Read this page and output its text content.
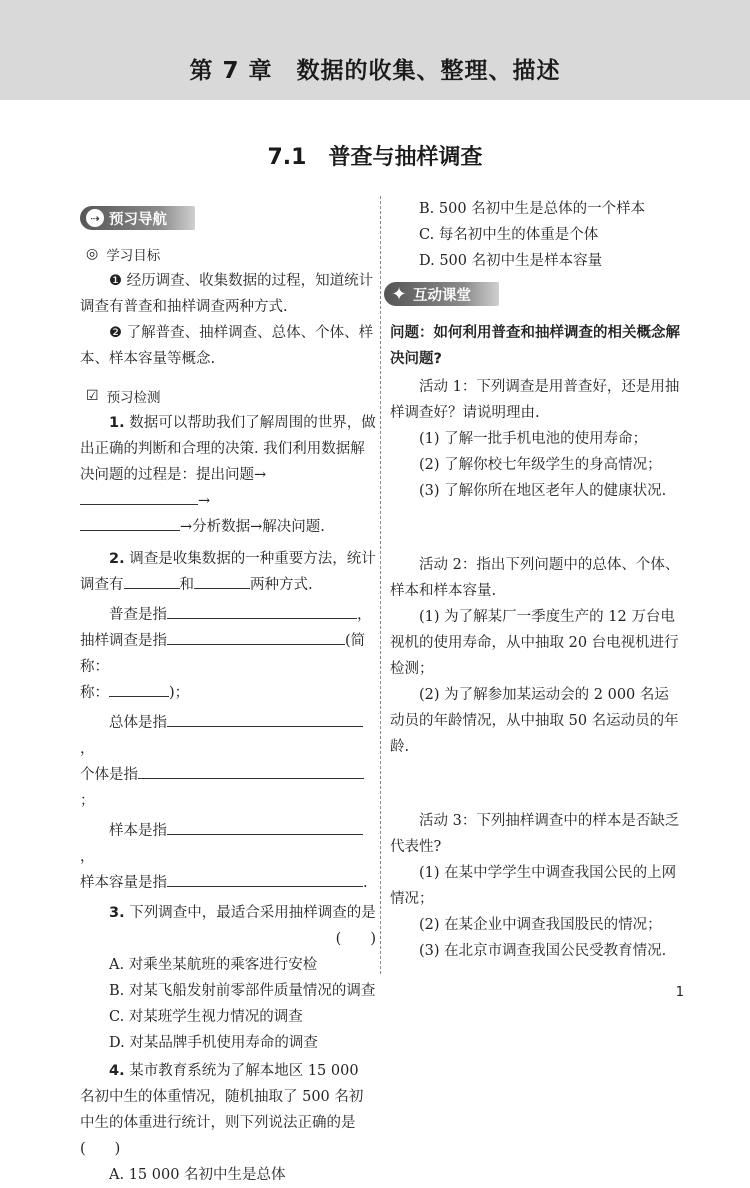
第 7 章　数据的收集、整理、描述
7.1　普查与抽样调查
⇢ 预习导航
◎ 学习目标

❶ 经历调查、收集数据的过程，知道统计调查有普查和抽样调查两种方式.

❷ 了解普查、抽样调查、总体、个体、样本、样本容量等概念.

☑ 预习检测

1. 数据可以帮助我们了解周围的世界，做出正确的判断和合理的决策. 我们利用数据解决问题的过程是：提出问题→→

→分析数据→解决问题.

2. 调查是收集数据的一种重要方法，统计调查有	和	两种方式.

普查是指	，

抽样调查是指	(简称：

称：	)；

总体是指，

个体是指；

样本是指，

样本容量是指	.

3. 下列调查中，最适合采用抽样调查的是

(　　)

A. 对乘坐某航班的乘客进行安检

B. 对某飞船发射前零部件质量情况的调查

C. 对某班学生视力情况的调查

D. 对某品牌手机使用寿命的调查

4. 某市教育系统为了解本地区 15 000 名初中生的体重情况，随机抽取了 500 名初中生的体重进行统计，则下列说法正确的是(　　)

A. 15 000 名初中生是总体

B. 500 名初中生是总体的一个样本

C. 每名初中生的体重是个体

D. 500 名初中生是样本容量

✦ 互动课堂

问题：如何利用普查和抽样调查的相关概念解决问题?

活动 1：下列调查是用普查好，还是用抽样调查好？请说明理由.

(1) 了解一批手机电池的使用寿命；

(2) 了解你校七年级学生的身高情况；

(3) 了解你所在地区老年人的健康状况.

活动 2：指出下列问题中的总体、个体、样本和样本容量.

(1) 为了解某厂一季度生产的 12 万台电视机的使用寿命，从中抽取 20 台电视机进行检测；

(2) 为了解参加某运动会的 2 000 名运动员的年龄情况，从中抽取 50 名运动员的年龄.

活动 3：下列抽样调查中的样本是否缺乏代表性?

(1) 在某中学学生中调查我国公民的上网情况；

(2) 在某企业中调查我国股民的情况；

(3) 在北京市调查我国公民受教育情况.

1
